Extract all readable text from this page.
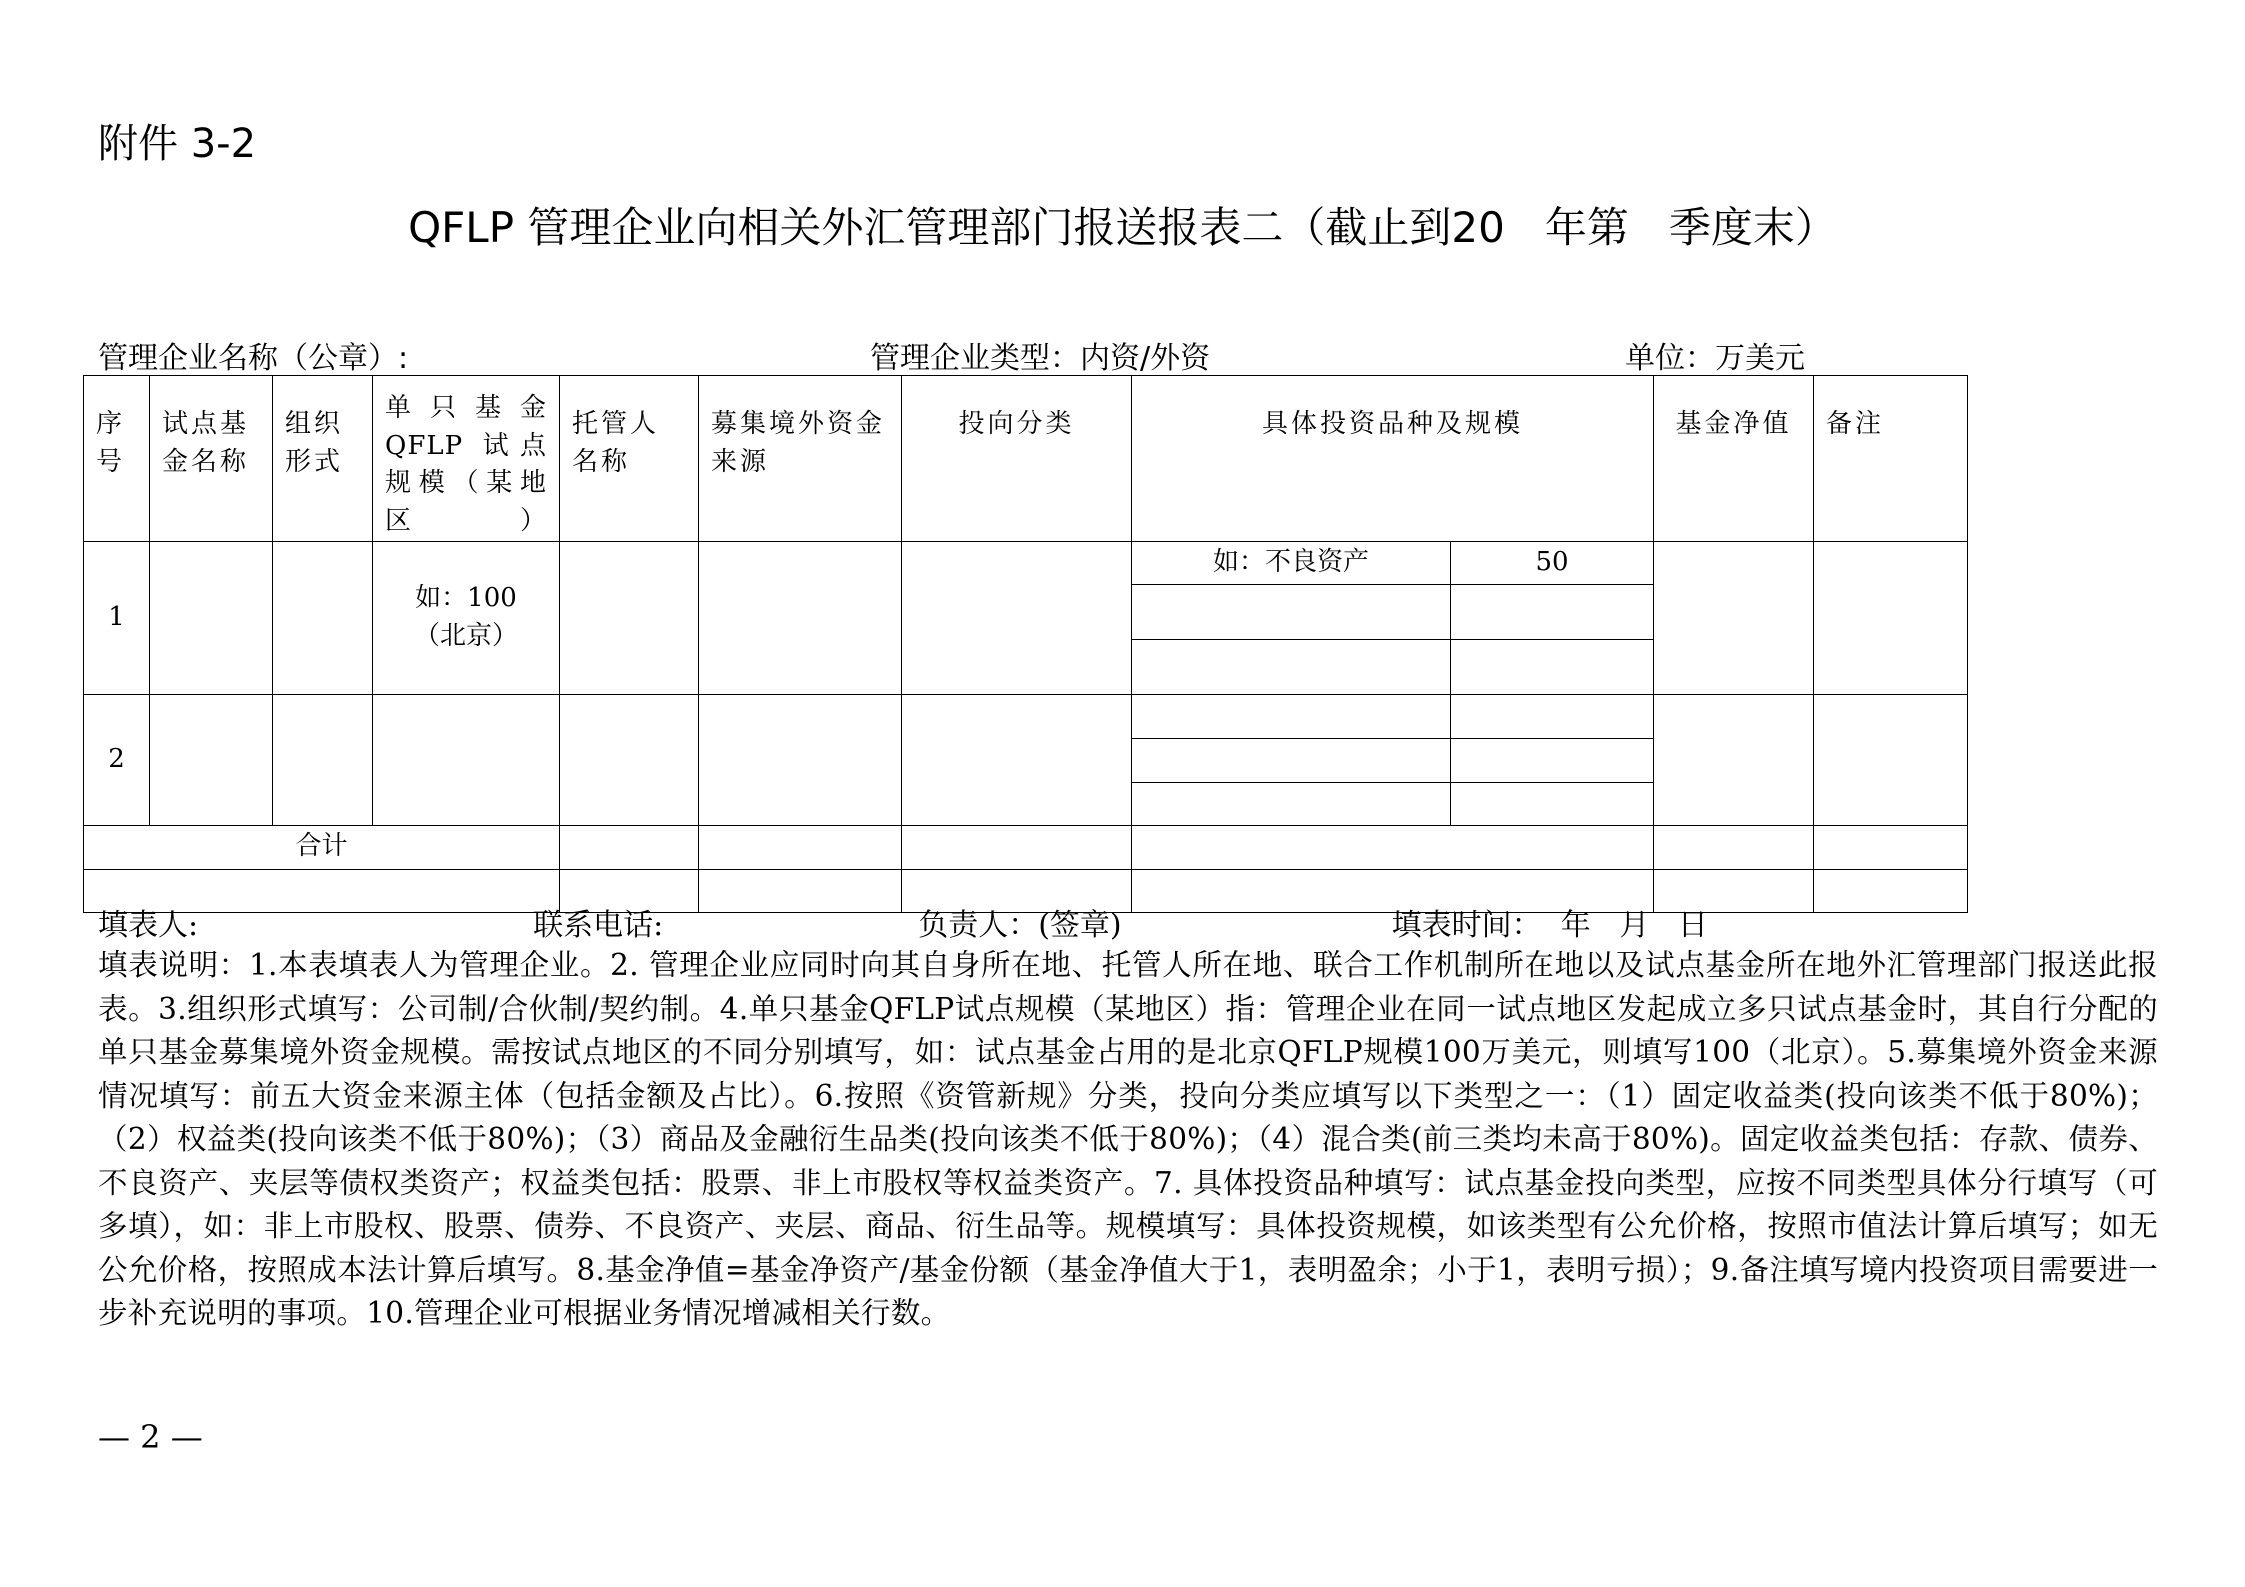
附件 3-2
QFLP 管理企业向相关外汇管理部门报送报表二（截止到20   年第   季度末）
管理企业名称（公章）:	管理企业类型：内资/外资	单位：万美元
序号	试点基金名称	组织形式	单只基金QFLP 试点规模（某地区）	托管人名称	募集境外资金来源	投向分类	具体投资品种及规模		基金净值	备注
1			如：100（北京）				如：不良资产	50		

2										

合计										

填表人:	联系电话:	负责人：(签章)	填表时间：  年   月   日
填表说明：1.本表填表人为管理企业。2. 管理企业应同时向其自身所在地、托管人所在地、联合工作机制所在地以及试点基金所在地外汇管理部门报送此报表。3.组织形式填写：公司制/合伙制/契约制。4.单只基金QFLP试点规模（某地区）指：管理企业在同一试点地区发起成立多只试点基金时，其自行分配的单只基金募集境外资金规模。需按试点地区的不同分别填写，如：试点基金占用的是北京QFLP规模100万美元，则填写100（北京）。5.募集境外资金来源情况填写：前五大资金来源主体（包括金额及占比）。6.按照《资管新规》分类，投向分类应填写以下类型之一：（1）固定收益类(投向该类不低于80%)；（2）权益类(投向该类不低于80%)；（3）商品及金融衍生品类(投向该类不低于80%)；（4）混合类(前三类均未高于80%)。固定收益类包括：存款、债券、不良资产、夹层等债权类资产；权益类包括：股票、非上市股权等权益类资产。7. 具体投资品种填写：试点基金投向类型，应按不同类型具体分行填写（可多填），如：非上市股权、股票、债券、不良资产、夹层、商品、衍生品等。规模填写：具体投资规模，如该类型有公允价格，按照市值法计算后填写；如无公允价格，按照成本法计算后填写。8.基金净值=基金净资产/基金份额（基金净值大于1，表明盈余；小于1，表明亏损）；9.备注填写境内投资项目需要进一步补充说明的事项。10.管理企业可根据业务情况增减相关行数。
— 2 —
